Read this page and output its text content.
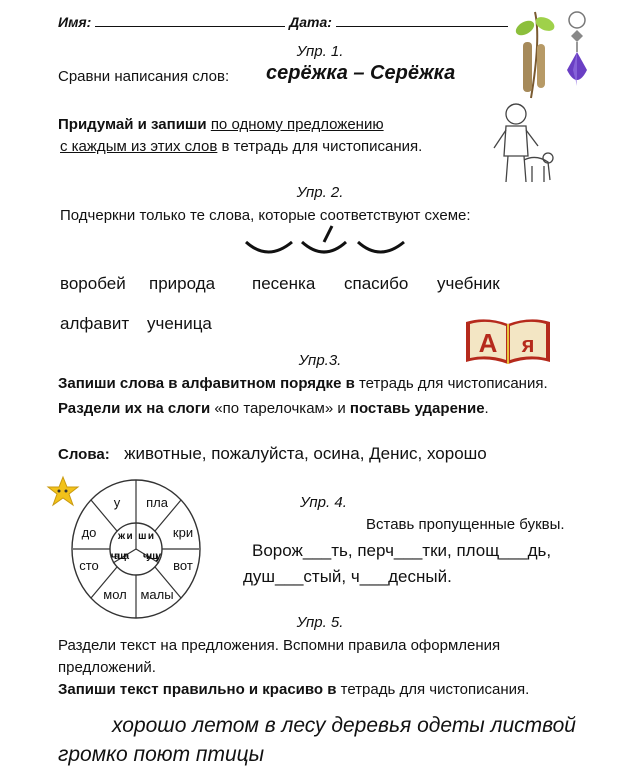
Имя:	Дата:
Упр. 1.
Сравни написания слов: серёжка – Серёжка
Придумай и запиши по одному предложению
с каждым из этих слов в тетрадь для чистописания.
Упр. 2.
Подчеркни только те слова, которые соответствуют схеме:
воробей природа песенка спасибо учебник
алфавит ученица
А я
Упр.3.
Запиши слова в алфавитном порядке в тетрадь для чистописания.
Раздели их на слоги «по тарелочкам» и поставь ударение.
Слова: животные, пожалуйста, осина, Денис, хорошо
у пла
кри
вот
малы
мол
сто
до жи ши
чу щу
ча ща
Упр. 4.
Вставь пропущенные буквы.
Ворож___ть, перч___тки, площ___дь,
душ___стый, ч___десный.
Упр. 5.
Раздели текст на предложения. Вспомни правила оформления
предложений.
Запиши текст правильно и красиво в тетрадь для чистописания.
хорошо летом в лесу деревья одеты листвой
громко поют птицы
